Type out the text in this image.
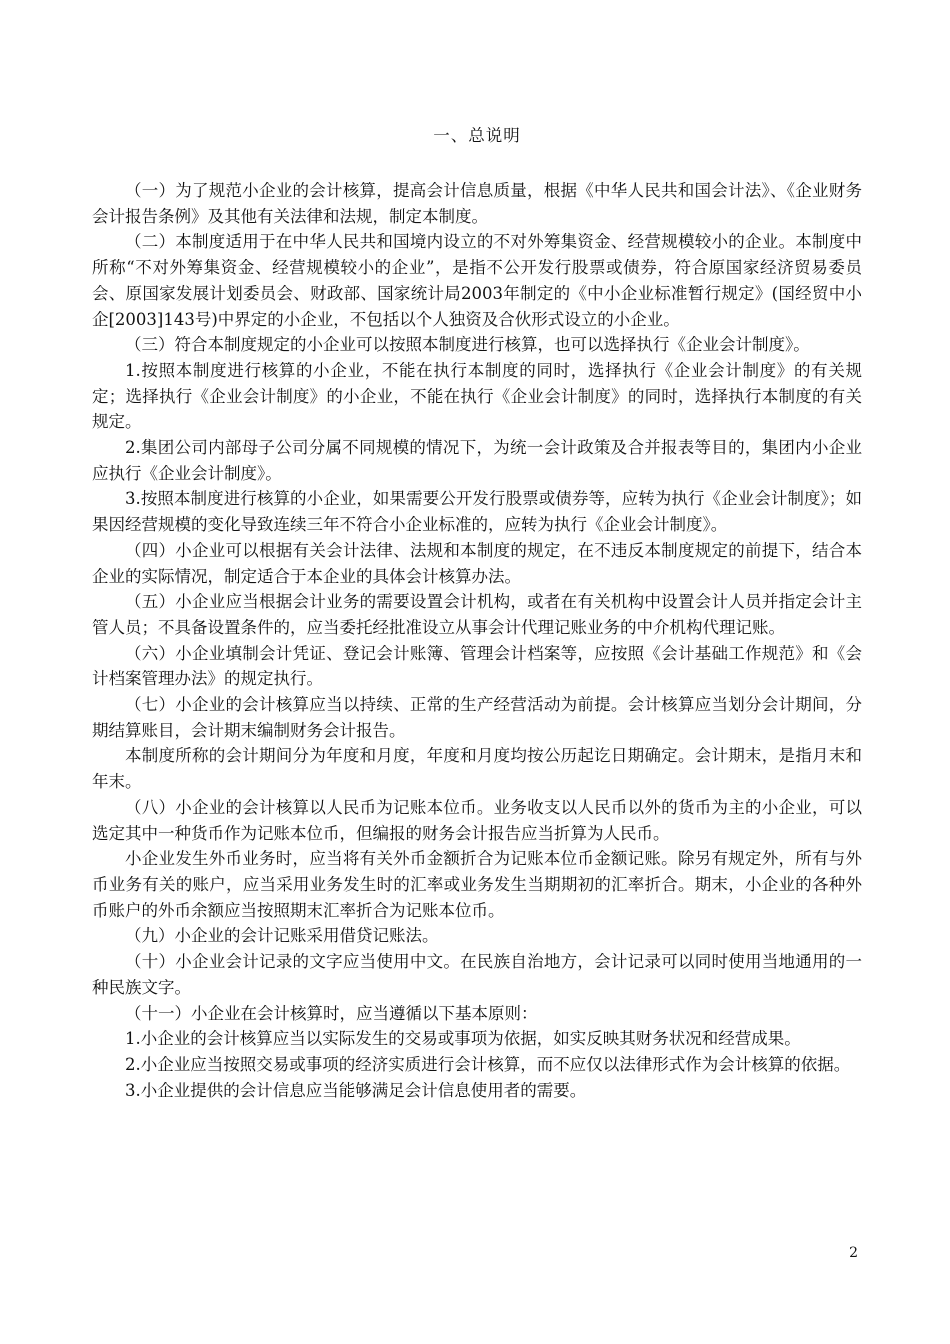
一、总说明

（一）为了规范小企业的会计核算，提高会计信息质量，根据《中华人民共和国会计法》、《企业财务会计报告条例》及其他有关法律和法规，制定本制度。

（二）本制度适用于在中华人民共和国境内设立的不对外筹集资金、经营规模较小的企业。本制度中所称“不对外筹集资金、经营规模较小的企业”，是指不公开发行股票或债券，符合原国家经济贸易委员会、原国家发展计划委员会、财政部、国家统计局2003年制定的《中小企业标准暂行规定》(国经贸中小企[2003]143号)中界定的小企业，不包括以个人独资及合伙形式设立的小企业。

（三）符合本制度规定的小企业可以按照本制度进行核算，也可以选择执行《企业会计制度》。

1.按照本制度进行核算的小企业，不能在执行本制度的同时，选择执行《企业会计制度》的有关规定；选择执行《企业会计制度》的小企业，不能在执行《企业会计制度》的同时，选择执行本制度的有关规定。

2.集团公司内部母子公司分属不同规模的情况下，为统一会计政策及合并报表等目的，集团内小企业应执行《企业会计制度》。

3.按照本制度进行核算的小企业，如果需要公开发行股票或债券等，应转为执行《企业会计制度》；如果因经营规模的变化导致连续三年不符合小企业标准的，应转为执行《企业会计制度》。

（四）小企业可以根据有关会计法律、法规和本制度的规定，在不违反本制度规定的前提下，结合本企业的实际情况，制定适合于本企业的具体会计核算办法。

（五）小企业应当根据会计业务的需要设置会计机构，或者在有关机构中设置会计人员并指定会计主管人员；不具备设置条件的，应当委托经批准设立从事会计代理记账业务的中介机构代理记账。

（六）小企业填制会计凭证、登记会计账簿、管理会计档案等，应按照《会计基础工作规范》和《会计档案管理办法》的规定执行。

（七）小企业的会计核算应当以持续、正常的生产经营活动为前提。会计核算应当划分会计期间，分期结算账目，会计期末编制财务会计报告。

本制度所称的会计期间分为年度和月度，年度和月度均按公历起讫日期确定。会计期末，是指月末和年末。

（八）小企业的会计核算以人民币为记账本位币。业务收支以人民币以外的货币为主的小企业，可以选定其中一种货币作为记账本位币，但编报的财务会计报告应当折算为人民币。

小企业发生外币业务时，应当将有关外币金额折合为记账本位币金额记账。除另有规定外，所有与外币业务有关的账户，应当采用业务发生时的汇率或业务发生当期期初的汇率折合。期末，小企业的各种外币账户的外币余额应当按照期末汇率折合为记账本位币。

（九）小企业的会计记账采用借贷记账法。

（十）小企业会计记录的文字应当使用中文。在民族自治地方，会计记录可以同时使用当地通用的一种民族文字。

（十一）小企业在会计核算时，应当遵循以下基本原则：

1.小企业的会计核算应当以实际发生的交易或事项为依据，如实反映其财务状况和经营成果。

2.小企业应当按照交易或事项的经济实质进行会计核算，而不应仅以法律形式作为会计核算的依据。

3.小企业提供的会计信息应当能够满足会计信息使用者的需要。

2
